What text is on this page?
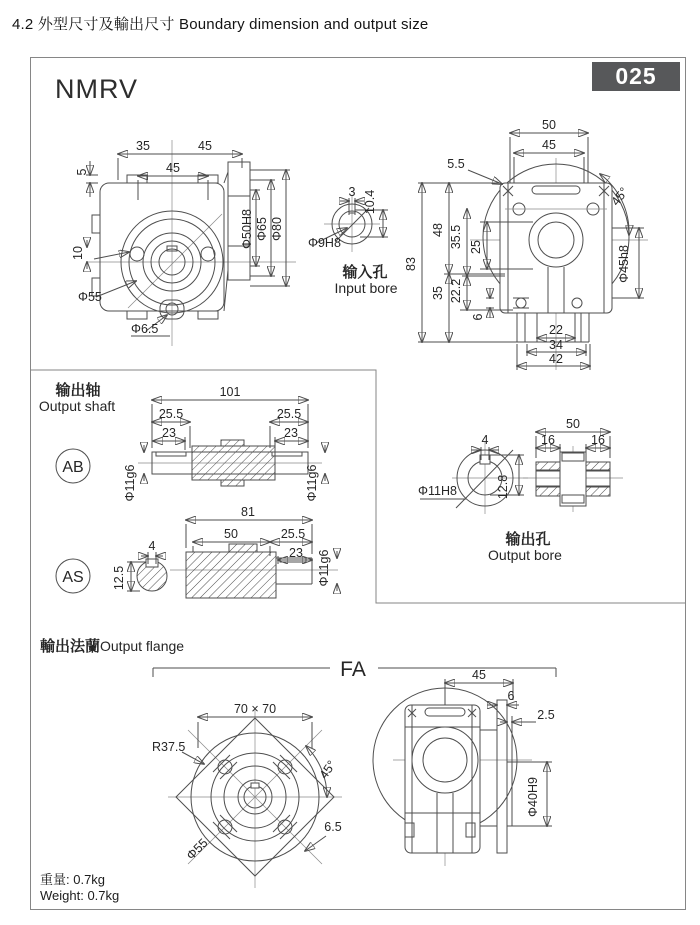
4.2 外型尺寸及輸出尺寸 Boundary dimension and output size
NMRV	025
重量: 0.7kg
Weight: 0.7kg
35	45
45
5
10
Φ55
Φ6.5
Φ50H8 Φ65 Φ80
3 10.4
Φ9H8
输入孔
Input bore
50
45
5.5
45°
Φ45h8
83
48
35
35.5
22.2
25
6
22
34
42
输出轴
Output shaft
AB
101
25.5	25.5
23	23
Φ11g6	Φ11g6
AS
81
50	25.5
23 Φ11g6
4
12.5
4
Φ11H8	12.8
50
16	16
输出孔
Output bore
輸出法蘭 Output flange
FA
70 × 70
R37.5
45°
Φ55
6.5
45
6
2.5
Φ40H9
